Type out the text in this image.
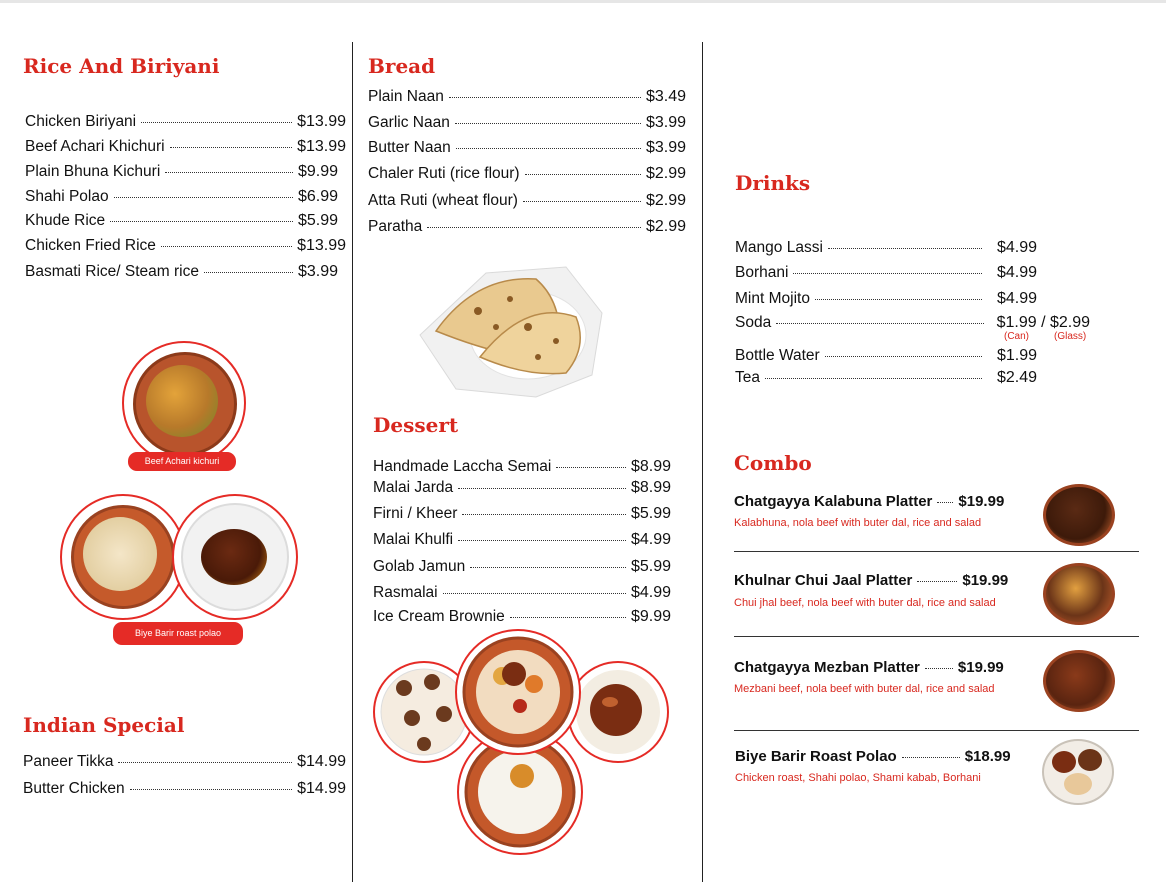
Rice And Biriyani
Chicken Biriyani	$13.99
Beef Achari Khichuri	$13.99
Plain Bhuna Kichuri	$9.99
Shahi Polao	$6.99
Khude Rice	$5.99
Chicken Fried Rice	$13.99
Basmati Rice/ Steam rice	$3.99
Beef Achari kichuri
Biye Barir roast polao
Indian Special
Paneer Tikka	$14.99
Butter Chicken	$14.99
Bread
Plain Naan	$3.49
Garlic Naan	$3.99
Butter Naan	$3.99
Chaler Ruti (rice flour)	$2.99
Atta Ruti (wheat flour)	$2.99
Paratha	$2.99
Dessert
Handmade Laccha Semai	$8.99
Malai Jarda	$8.99
Firni / Kheer	$5.99
Malai Khulfi	$4.99
Golab Jamun	$5.99
Rasmalai	$4.99
Ice Cream Brownie	$9.99
Drinks
Mango Lassi	$4.99
Borhani	$4.99
Mint Mojito	$4.99
Soda	$1.99 / $2.99
(Can) (Glass)
Bottle Water	$1.99
Tea	$2.49
Combo
Chatgayya Kalabuna Platter $19.99
Kalabhuna, nola beef with buter dal, rice and salad
Khulnar Chui Jaal Platter	$19.99
Chui jhal beef, nola beef with buter dal, rice and salad
Chatgayya Mezban Platter	$19.99
Mezbani beef, nola beef with buter dal, rice and salad
Biye Barir Roast Polao	$18.99
Chicken roast, Shahi polao, Shami kabab, Borhani
